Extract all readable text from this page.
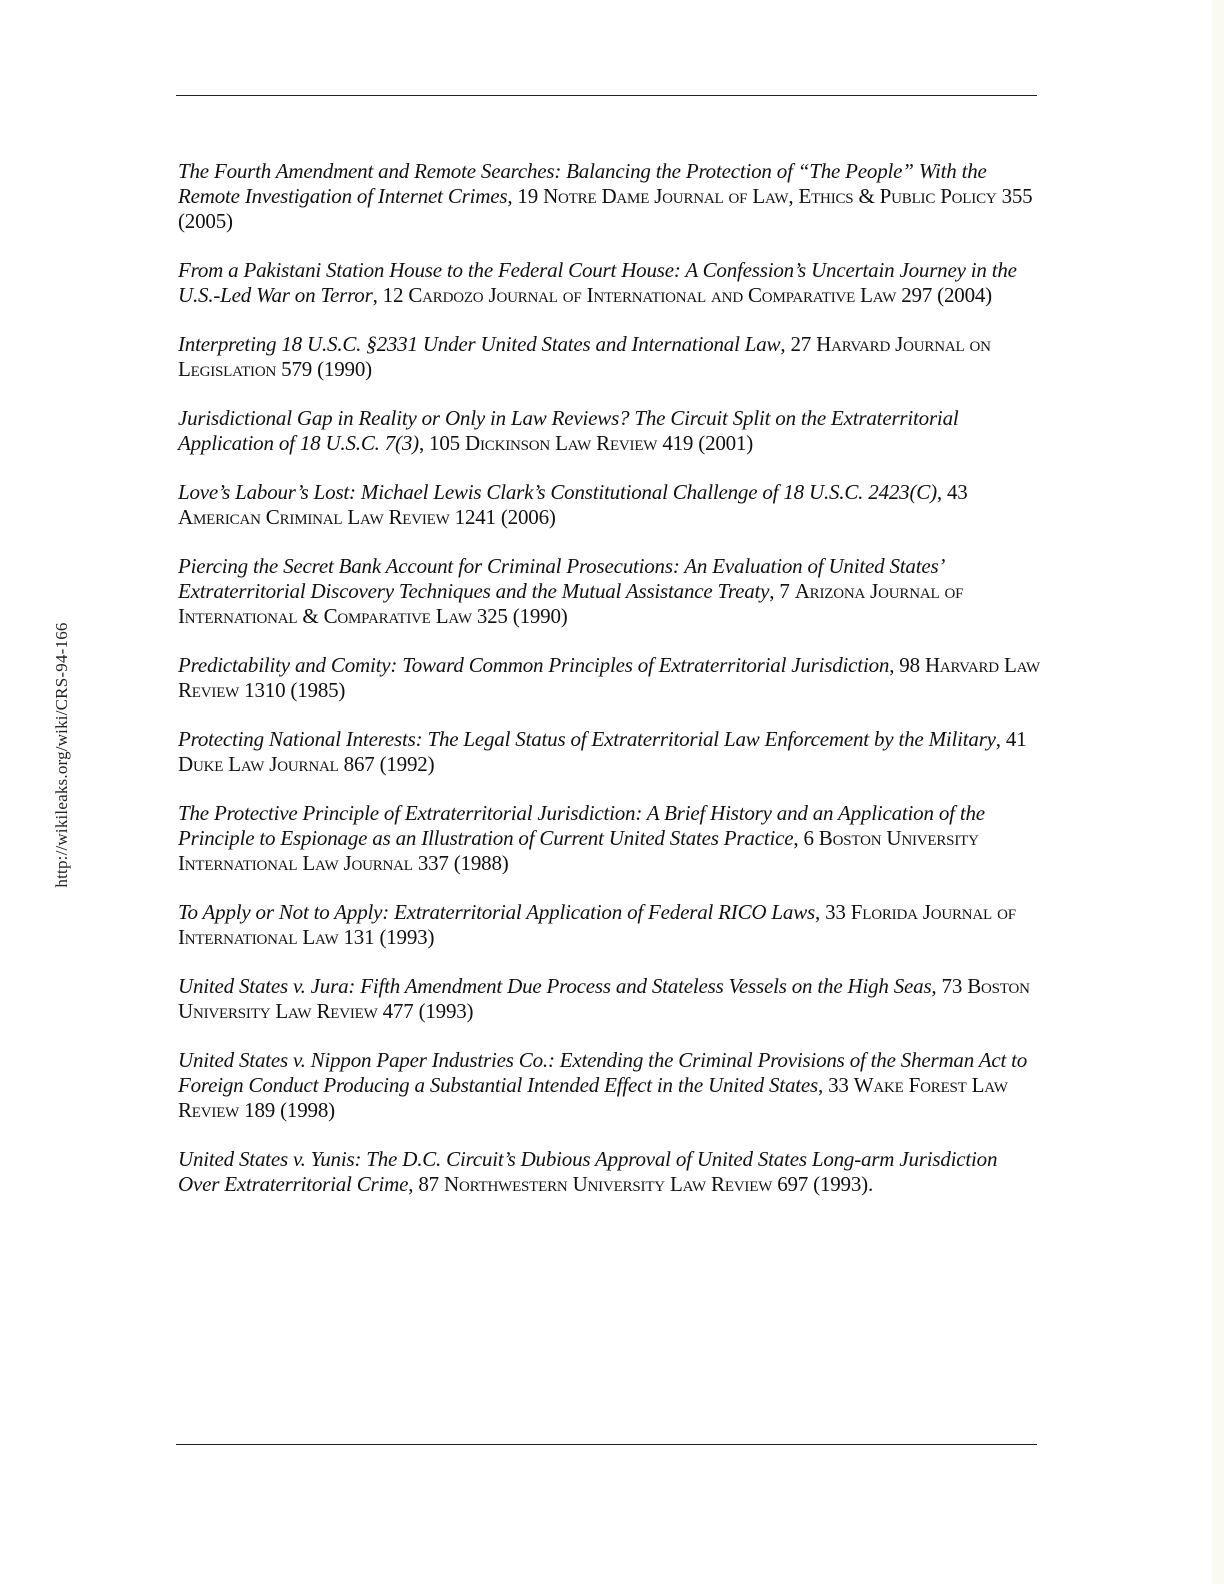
http://wikileaks.org/wiki/CRS-94-166

The Fourth Amendment and Remote Searches: Balancing the Protection of “The People” With the Remote Investigation of Internet Crimes, 19 Notre Dame Journal of Law, Ethics & Public Policy 355 (2005)

From a Pakistani Station House to the Federal Court House: A Confession’s Uncertain Journey in the U.S.-Led War on Terror, 12 Cardozo Journal of International and Comparative Law 297 (2004)

Interpreting 18 U.S.C. §2331 Under United States and International Law, 27 Harvard Journal on Legislation 579 (1990)

Jurisdictional Gap in Reality or Only in Law Reviews? The Circuit Split on the Extraterritorial Application of 18 U.S.C. 7(3), 105 Dickinson Law Review 419 (2001)

Love’s Labour’s Lost: Michael Lewis Clark’s Constitutional Challenge of 18 U.S.C. 2423(C), 43 American Criminal Law Review 1241 (2006)

Piercing the Secret Bank Account for Criminal Prosecutions: An Evaluation of United States’ Extraterritorial Discovery Techniques and the Mutual Assistance Treaty, 7 Arizona Journal of International & Comparative Law 325 (1990)

Predictability and Comity: Toward Common Principles of Extraterritorial Jurisdiction, 98 Harvard Law Review 1310 (1985)

Protecting National Interests: The Legal Status of Extraterritorial Law Enforcement by the Military, 41 Duke Law Journal 867 (1992)

The Protective Principle of Extraterritorial Jurisdiction: A Brief History and an Application of the Principle to Espionage as an Illustration of Current United States Practice, 6 Boston University International Law Journal 337 (1988)

To Apply or Not to Apply: Extraterritorial Application of Federal RICO Laws, 33 Florida Journal of International Law 131 (1993)

United States v. Jura: Fifth Amendment Due Process and Stateless Vessels on the High Seas, 73 Boston University Law Review 477 (1993)

United States v. Nippon Paper Industries Co.: Extending the Criminal Provisions of the Sherman Act to Foreign Conduct Producing a Substantial Intended Effect in the United States, 33 Wake Forest Law Review 189 (1998)

United States v. Yunis: The D.C. Circuit’s Dubious Approval of United States Long-arm Jurisdiction Over Extraterritorial Crime, 87 Northwestern University Law Review 697 (1993).
